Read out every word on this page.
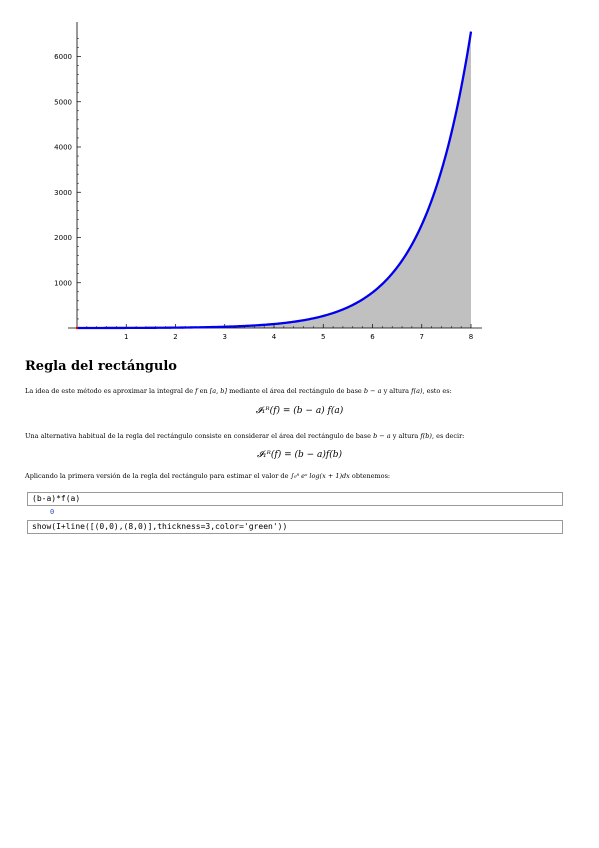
1	2	3	4	5	6	7	8
1000
2000
3000
4000
5000
6000
Regla del rectángulo

La idea de este método es aproximar la integral de f en [a, b] mediante el área del rectángulo de base b − a y altura f(a), esto es:

𝓘₁ᴿ(f) = (b − a) f(a)

Una alternativa habitual de la regla del rectángulo consiste en considerar el área del rectángulo de base b − a y altura f(b), es decir:

𝓘₁ᴿ(f) = (b − a)f(b)

Aplicando la primera versión de la regla del rectángulo para estimar el valor de ∫₀⁸ eˣ log(x + 1)dx obtenemos:

(b-a)*f(a)
0
show(I+line([(0,0),(8,0)],thickness=3,color='green'))
